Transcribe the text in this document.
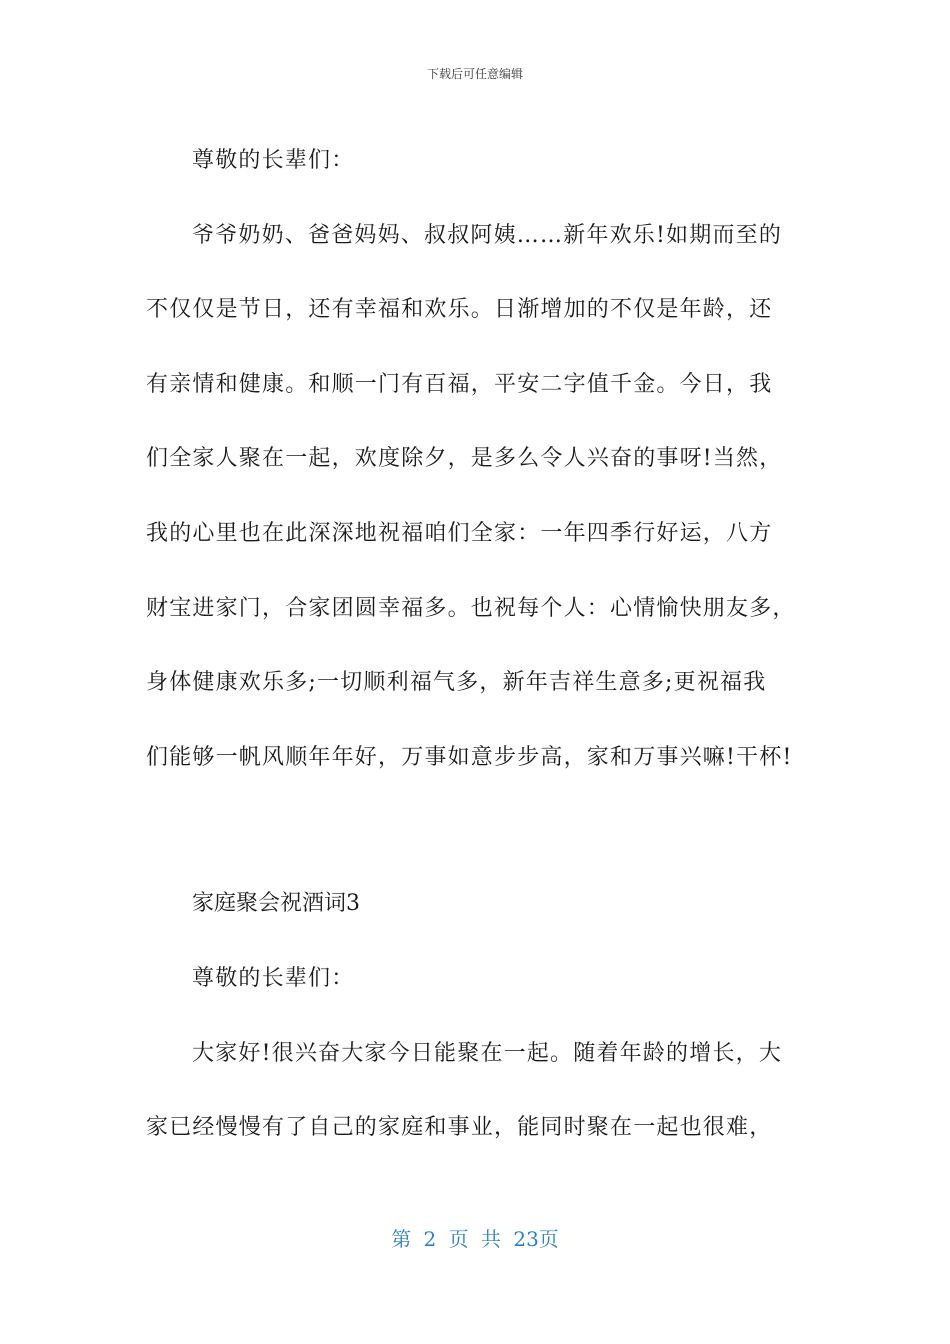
下载后可任意编辑
尊敬的长辈们：
爷爷奶奶、爸爸妈妈、叔叔阿姨……新年欢乐!如期而至的
不仅仅是节日，还有幸福和欢乐。日渐增加的不仅是年龄，还
有亲情和健康。和顺一门有百福，平安二字值千金。今日，我
们全家人聚在一起，欢度除夕，是多么令人兴奋的事呀!当然，
我的心里也在此深深地祝福咱们全家：一年四季行好运，八方
财宝进家门，合家团圆幸福多。也祝每个人：心情愉快朋友多，
身体健康欢乐多;一切顺利福气多，新年吉祥生意多;更祝福我
们能够一帆风顺年年好，万事如意步步高，家和万事兴嘛!干杯!
家庭聚会祝酒词3
尊敬的长辈们：
大家好!很兴奋大家今日能聚在一起。随着年龄的增长，大
家已经慢慢有了自己的家庭和事业，能同时聚在一起也很难，
第 2 页 共 23页
